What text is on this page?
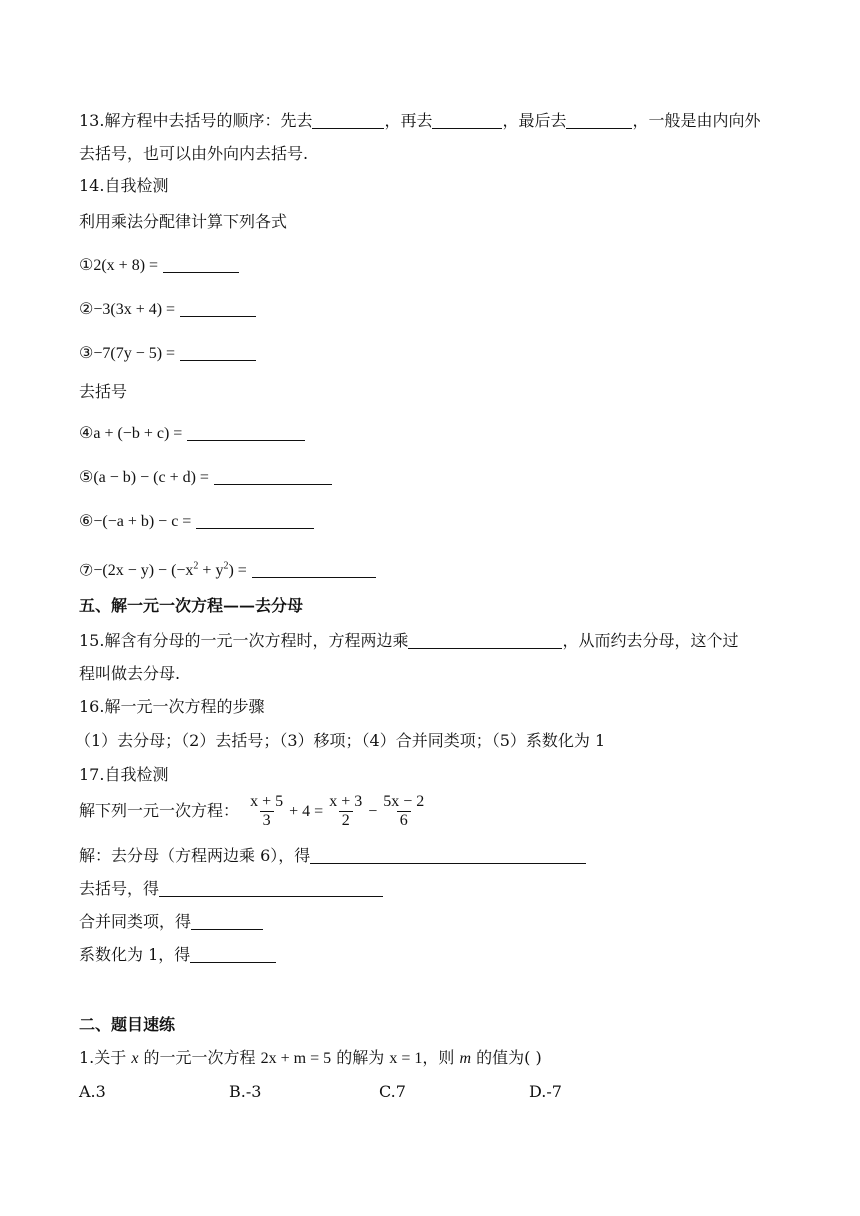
13.解方程中去括号的顺序：先去	，再去	，最后去	，一般是由内向外
去括号，也可以由外向内去括号.
14.自我检测
利用乘法分配律计算下列各式
①2(x + 8) =
②−3(3x + 4) =
③−7(7y − 5) =
去括号
④a + (−b + c) =
⑤(a − b) − (c + d) =
⑥−(−a + b) − c =
⑦−(2x − $y) - (-x^2 + y^2)$ =
五、解一元一次方程——去分母
15.解含有分母的一元一次方程时，方程两边乘	，从而约去分母，这个过
程叫做去分母.
16.解一元一次方程的步骤
（1）去分母；（2）去括号；（3）移项；（4）合并同类项；（5）系数化为 1
17.自我检测
解下列一元一次方程： $\frac{x + 5}{3} + 4 = \frac{x + 3}{2} - \frac{5x - 2}{6}$
解：去分母（方程两边乘 6），得
去括号，得
合并同类项，得
系数化为 1，得
二、题目速练
1.关于 x 的一元一次方程 2x + m = 5 的解为 x = 1，则 m 的值为( )
A.3	B.-3	C.7	D.-7
